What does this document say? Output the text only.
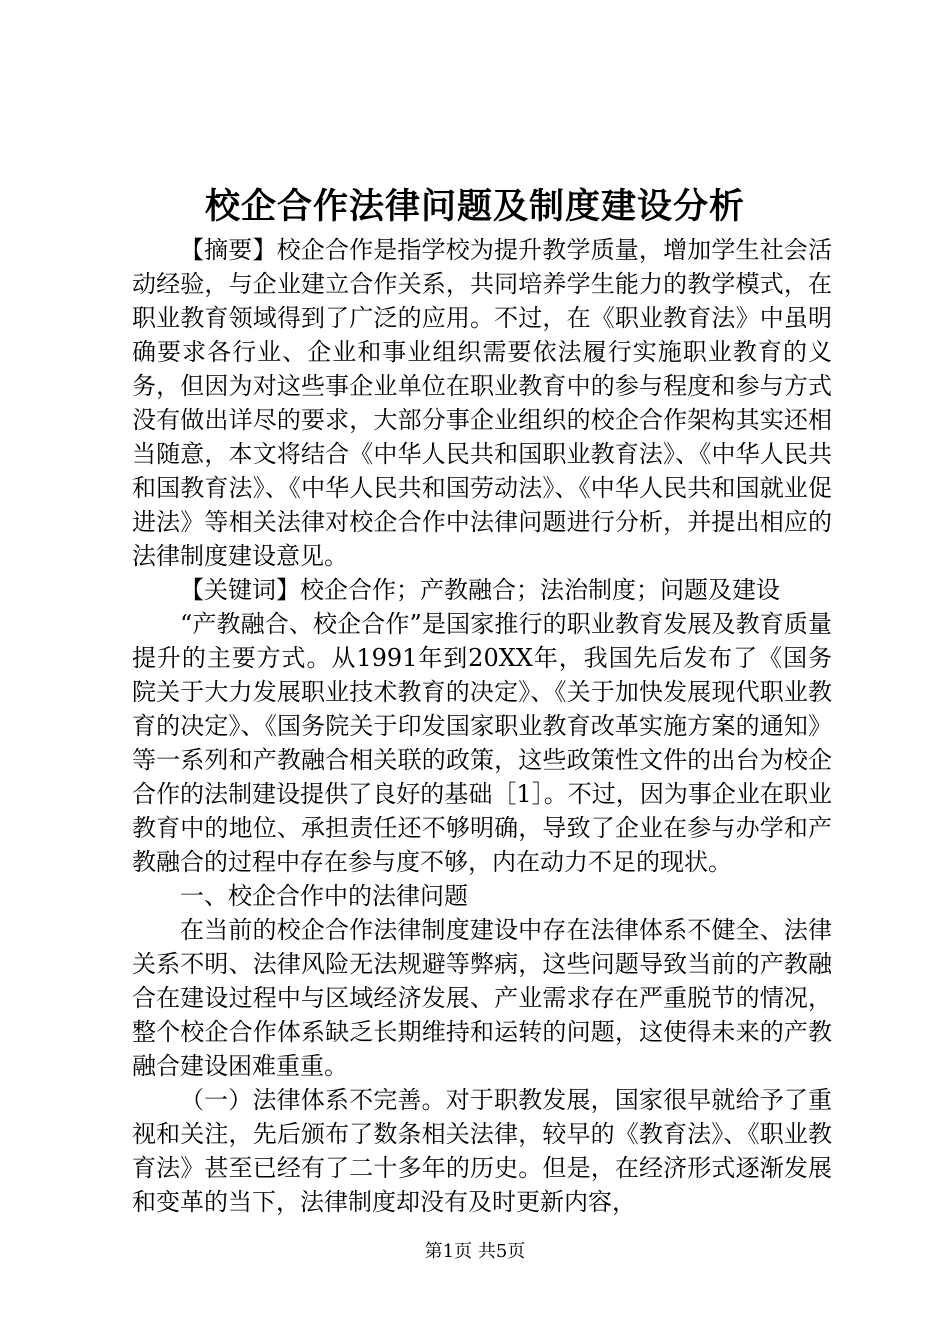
校企合作法律问题及制度建设分析

【摘要】校企合作是指学校为提升教学质量，增加学生社会活动经验，与企业建立合作关系，共同培养学生能力的教学模式，在职业教育领域得到了广泛的应用。不过，在《职业教育法》中虽明确要求各行业、企业和事业组织需要依法履行实施职业教育的义务，但因为对这些事企业单位在职业教育中的参与程度和参与方式没有做出详尽的要求，大部分事企业组织的校企合作架构其实还相当随意，本文将结合《中华人民共和国职业教育法》、《中华人民共和国教育法》、《中华人民共和国劳动法》、《中华人民共和国就业促进法》等相关法律对校企合作中法律问题进行分析，并提出相应的法律制度建设意见。

【关键词】校企合作；产教融合；法治制度；问题及建设

“产教融合、校企合作”是国家推行的职业教育发展及教育质量提升的主要方式。从1991年到20XX年，我国先后发布了《国务院关于大力发展职业技术教育的决定》、《关于加快发展现代职业教育的决定》、《国务院关于印发国家职业教育改革实施方案的通知》等一系列和产教融合相关联的政策，这些政策性文件的出台为校企合作的法制建设提供了良好的基础［1］。不过，因为事企业在职业教育中的地位、承担责任还不够明确，导致了企业在参与办学和产教融合的过程中存在参与度不够，内在动力不足的现状。

一、校企合作中的法律问题

在当前的校企合作法律制度建设中存在法律体系不健全、法律关系不明、法律风险无法规避等弊病，这些问题导致当前的产教融合在建设过程中与区域经济发展、产业需求存在严重脱节的情况，整个校企合作体系缺乏长期维持和运转的问题，这使得未来的产教融合建设困难重重。

（一）法律体系不完善。对于职教发展，国家很早就给予了重视和关注，先后颁布了数条相关法律，较早的《教育法》、《职业教育法》甚至已经有了二十多年的历史。但是，在经济形式逐渐发展和变革的当下，法律制度却没有及时更新内容，

第1页 共5页
